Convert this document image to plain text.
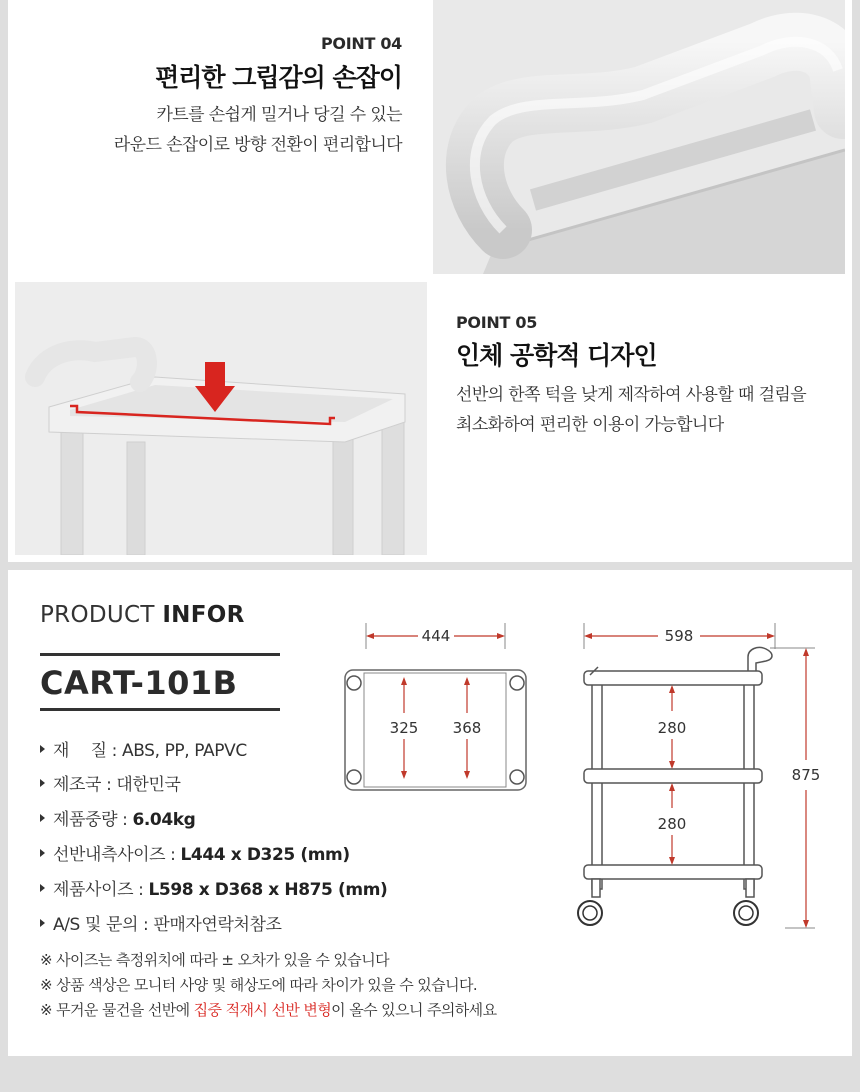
POINT 04
편리한 그립감의 손잡이
카트를 손쉽게 밀거나 당길 수 있는
라운드 손잡이로 방향 전환이 편리합니다
POINT 05
인체 공학적 디자인
선반의 한쪽 턱을 낮게 제작하여 사용할 때 걸림을
최소화하여 편리한 이용이 가능합니다
PRODUCT INFOR
CART-101B
재　 질 : ABS, PP, PAPVC
제조국 : 대한민국
제품중량 : 6.04kg
선반내측사이즈 : L444 x D325 (mm)
제품사이즈 : L598 x D368 x H875 (mm)
A/S 및 문의 : 판매자연락처참조
※ 사이즈는 측정위치에 따라 ± 오차가 있을 수 있습니다
※ 상품 색상은 모니터 사양 및 해상도에 따라 차이가 있을 수 있습니다.
※ 무거운 물건을 선반에 집중 적재시 선반 변형이 올수 있으니 주의하세요
444
325 368
598
875
280
280
